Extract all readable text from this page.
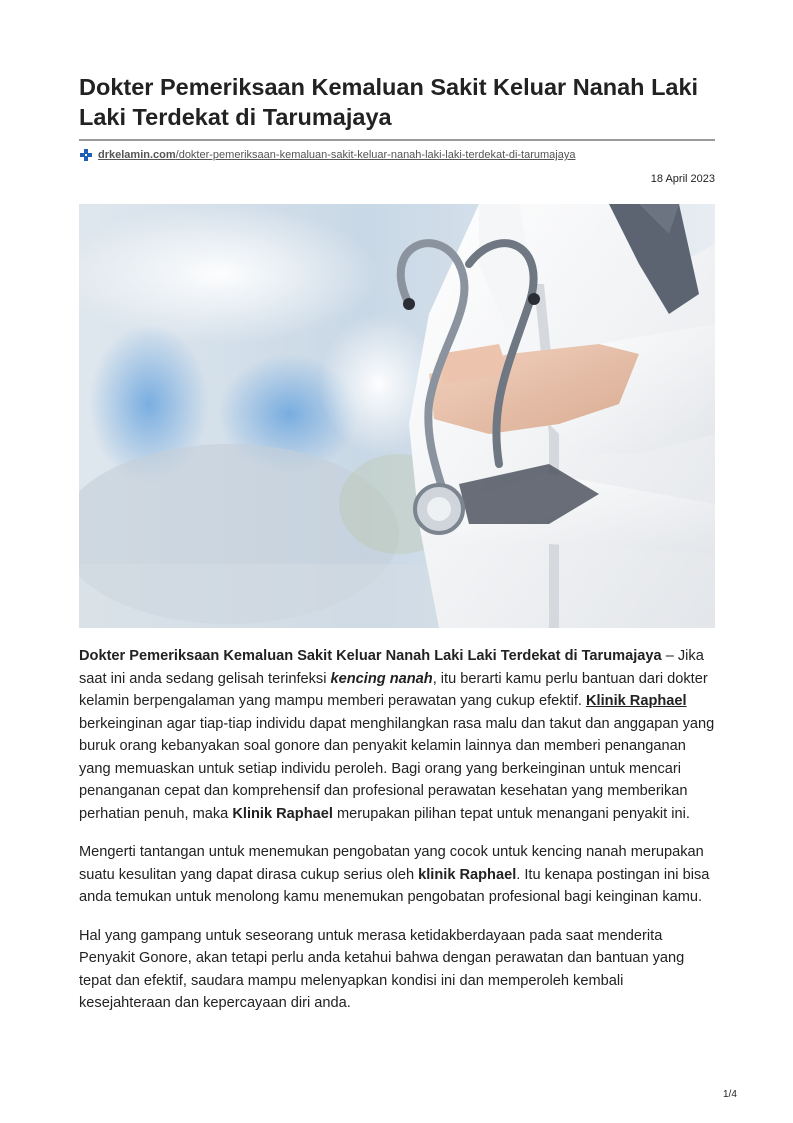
Dokter Pemeriksaan Kemaluan Sakit Keluar Nanah Laki Laki Terdekat di Tarumajaya
drkelamin.com/dokter-pemeriksaan-kemaluan-sakit-keluar-nanah-laki-laki-terdekat-di-tarumajaya
18 April 2023

Dokter Pemeriksaan Kemaluan Sakit Keluar Nanah Laki Laki Terdekat di Tarumajaya – Jika saat ini anda sedang gelisah terinfeksi kencing nanah, itu berarti kamu perlu bantuan dari dokter kelamin berpengalaman yang mampu memberi perawatan yang cukup efektif. Klinik Raphael berkeinginan agar tiap-tiap individu dapat menghilangkan rasa malu dan takut dan anggapan yang buruk orang kebanyakan soal gonore dan penyakit kelamin lainnya dan memberi penanganan yang memuaskan untuk setiap individu peroleh. Bagi orang yang berkeinginan untuk mencari penanganan cepat dan komprehensif dan profesional perawatan kesehatan yang memberikan perhatian penuh, maka Klinik Raphael merupakan pilihan tepat untuk menangani penyakit ini.

Mengerti tantangan untuk menemukan pengobatan yang cocok untuk kencing nanah merupakan suatu kesulitan yang dapat dirasa cukup serius oleh klinik Raphael. Itu kenapa postingan ini bisa anda temukan untuk menolong kamu menemukan pengobatan profesional bagi keinginan kamu.

Hal yang gampang untuk seseorang untuk merasa ketidakberdayaan pada saat menderita Penyakit Gonore, akan tetapi perlu anda ketahui bahwa dengan perawatan dan bantuan yang tepat dan efektif, saudara mampu melenyapkan kondisi ini dan memperoleh kembali kesejahteraan dan kepercayaan diri anda.

1/4
